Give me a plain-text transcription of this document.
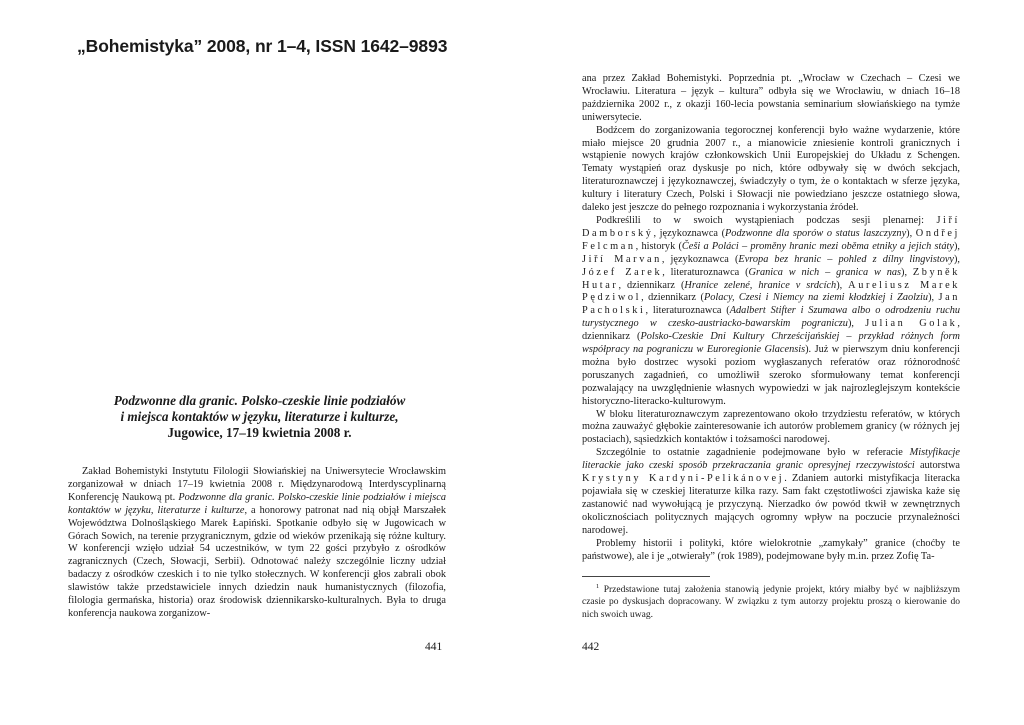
„Bohemistyka” 2008, nr 1–4, ISSN 1642–9893
Podzwonne dla granic. Polsko-czeskie linie podziałów
i miejsca kontaktów w języku, literaturze i kulturze,
Jugowice, 17–19 kwietnia 2008 r.

Zakład Bohemistyki Instytutu Filologii Słowiańskiej na Uniwersytecie Wrocławskim zorganizował w dniach 17–19 kwietnia 2008 r. Międzynarodową Interdyscyplinarną Konferencję Naukową pt. Podzwonne dla granic. Polsko-czeskie linie podziałów i miejsca kontaktów w języku, literaturze i kulturze, a honorowy patronat nad nią objął Marszałek Województwa Dolnośląskiego Marek Łapiński. Spotkanie odbyło się w Jugowicach w Górach Sowich, na terenie przygranicznym, gdzie od wieków przenikają się różne kultury. W konferencji wzięło udział 54 uczestników, w tym 22 gości przybyło z ośrodków zagranicznych (Czech, Słowacji, Serbii). Odnotować należy szczególnie liczny udział badaczy z ośrodków czeskich i to nie tylko stołecznych. W konferencji głos zabrali obok slawistów także przedstawiciele innych dziedzin nauk humanistycznych (filozofia, filologia germańska, historia) oraz środowisk dziennikarsko-kulturalnych. Była to druga konferencja naukowa zorganizow-

441

ana przez Zakład Bohemistyki. Poprzednia pt. „Wrocław w Czechach – Czesi we Wrocławiu. Literatura – język – kultura” odbyła się we Wrocławiu, w dniach 16–18 października 2002 r., z okazji 160-lecia powstania seminarium słowiańskiego na tymże uniwersytecie.

Bodźcem do zorganizowania tegorocznej konferencji było ważne wydarzenie, które miało miejsce 20 grudnia 2007 r., a mianowicie zniesienie kontroli granicznych i wstąpienie nowych krajów członkowskich Unii Europejskiej do Układu z Schengen. Tematy wystąpień oraz dyskusje po nich, które odbywały się w dwóch sekcjach, literaturoznawczej i językoznawczej, świadczyły o tym, że o kontaktach w sferze języka, kultury i literatury Czech, Polski i Słowacji nie powiedziano jeszcze ostatniego słowa, daleko jest jeszcze do pełnego rozpoznania i wykorzystania źródeł.

Podkreślili to w swoich wystąpieniach podczas sesji plenarnej: Jiří Damborský, językoznawca (Podzwonne dla sporów o status laszczyzny), Ondřej Felcman, historyk (Češi a Poláci – proměny hranic mezi oběma etniky a jejich státy), Jiří Marvan, językoznawca (Evropa bez hranic – pohled z dílny lingvistovy), Józef Zarek, literaturoznawca (Granica w nich – granica w nas), Zbyněk Hutar, dziennikarz (Hranice zelené, hranice v srdcích), Aureliusz Marek Pędziwol, dziennikarz (Polacy, Czesi i Niemcy na ziemi kłodzkiej i Zaolziu), Jan Pacholski, literaturoznawca (Adalbert Stifter i Szumawa albo o odrodzeniu ruchu turystycznego w czesko-austriacko-bawarskim pograniczu), Julian Golak, dziennikarz (Polsko-Czeskie Dni Kultury Chrześcijańskiej – przykład różnych form współpracy na pograniczu w Euroregionie Glacensis). Już w pierwszym dniu konferencji można było dostrzec wysoki poziom wygłaszanych referatów oraz różnorodność poruszanych zagadnień, co umożliwił szeroko sformułowany temat konferencji pozwalający na uwzględnienie własnych wypowiedzi w jak najrozleglejszym kontekście historyczno-literacko-kulturowym.

W bloku literaturoznawczym zaprezentowano około trzydziestu referatów, w których można zauważyć głębokie zainteresowanie ich autorów problemem granicy (w różnych jej postaciach), sąsiedzkich kontaktów i tożsamości narodowej.

Szczególnie to ostatnie zagadnienie podejmowane było w referacie Mistyfikacje literackie jako czeski sposób przekraczania granic opresyjnej rzeczywistości autorstwa Krystyny Kardyni-Pelikánovej. Zdaniem autorki mistyfikacja literacka pojawiała się w czeskiej literaturze kilka razy. Sam fakt częstotliwości zjawiska każe się zastanowić nad wywołującą je przyczyną. Nierzadko ów powód tkwił w zewnętrznych okolicznościach politycznych mających ogromny wpływ na poczucie przynależności narodowej.

Problemy historii i polityki, które wielokrotnie „zamykały” granice (choćby te państwowe), ale i je „otwierały” (rok 1989), podejmowane były m.in. przez Zofię Ta-

$^1$ Przedstawione tutaj założenia stanowią jedynie projekt, który miałby być w najbliższym czasie po dyskusjach dopracowany. W związku z tym autorzy projektu proszą o kierowanie do nich swoich uwag.

442
